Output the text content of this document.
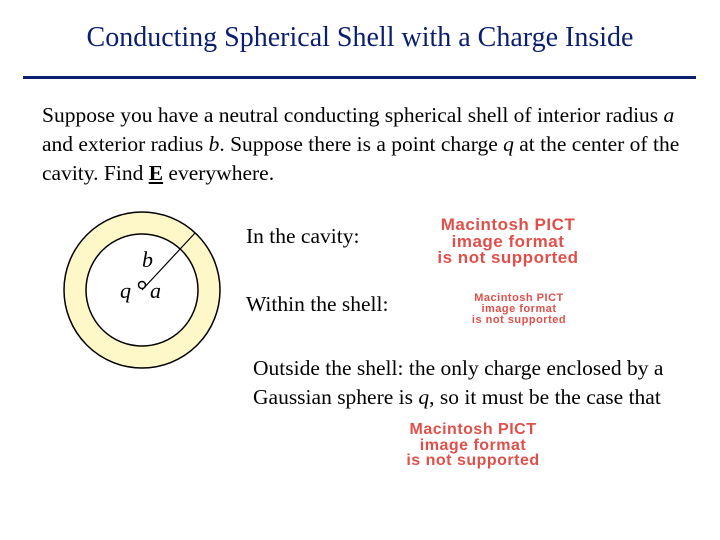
Conducting Spherical Shell with a Charge Inside
Suppose you have a neutral conducting spherical shell of interior radius a and exterior radius b. Suppose there is a point charge q at the center of the cavity. Find E everywhere.
b
q a
In the cavity:	Macintosh PICT
image format
is not supported
Within the shell:	Macintosh PICT
image format
is not supported
Outside the shell: the only charge enclosed by a Gaussian sphere is q, so it must be the case that
Macintosh PICT
image format
is not supported
